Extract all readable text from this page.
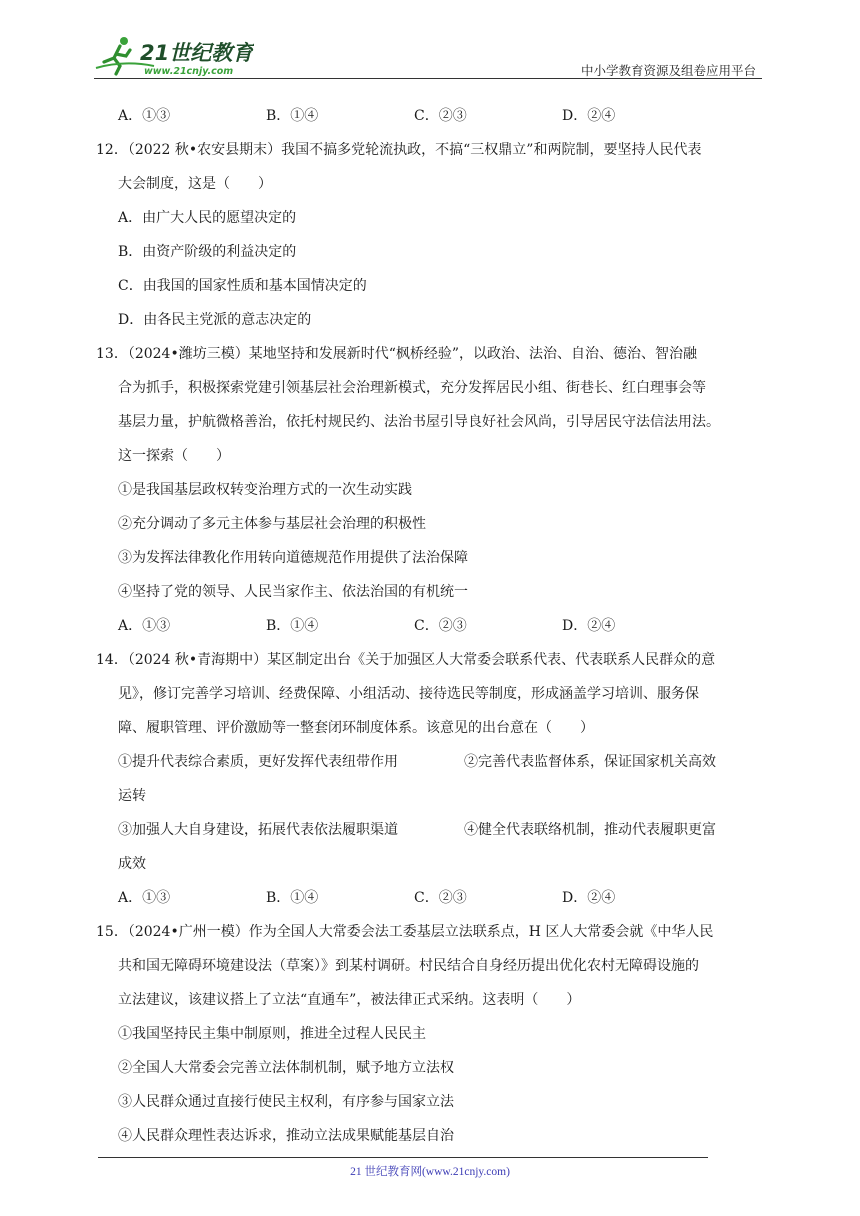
21世纪教育
www.21cnjy.com	中小学教育资源及组卷应用平台
A．①③	B．①④	C．②③	D．②④
12．（2022 秋•农安县期末）我国不搞多党轮流执政，不搞“三权鼎立”和两院制，要坚持人民代表
大会制度，这是（　　）
A．由广大人民的愿望决定的
B．由资产阶级的利益决定的
C．由我国的国家性质和基本国情决定的
D．由各民主党派的意志决定的
13．（2024•潍坊三模）某地坚持和发展新时代“枫桥经验”，以政治、法治、自治、德治、智治融
合为抓手，积极探索党建引领基层社会治理新模式，充分发挥居民小组、街巷长、红白理事会等
基层力量，护航微格善治，依托村规民约、法治书屋引导良好社会风尚，引导居民守法信法用法。
这一探索（　　）
①是我国基层政权转变治理方式的一次生动实践
②充分调动了多元主体参与基层社会治理的积极性
③为发挥法律教化作用转向道德规范作用提供了法治保障
④坚持了党的领导、人民当家作主、依法治国的有机统一
A．①③	B．①④	C．②③	D．②④
14．（2024 秋•青海期中）某区制定出台《关于加强区人大常委会联系代表、代表联系人民群众的意
见》，修订完善学习培训、经费保障、小组活动、接待选民等制度，形成涵盖学习培训、服务保
障、履职管理、评价激励等一整套闭环制度体系。该意见的出台意在（　　）
①提升代表综合素质，更好发挥代表纽带作用	②完善代表监督体系，保证国家机关高效
运转
③加强人大自身建设，拓展代表依法履职渠道	④健全代表联络机制，推动代表履职更富
成效
A．①③	B．①④	C．②③	D．②④
15．（2024•广州一模）作为全国人大常委会法工委基层立法联系点，H 区人大常委会就《中华人民
共和国无障碍环境建设法（草案）》到某村调研。村民结合自身经历提出优化农村无障碍设施的
立法建议，该建议搭上了立法“直通车”，被法律正式采纳。这表明（　　）
①我国坚持民主集中制原则，推进全过程人民民主
②全国人大常委会完善立法体制机制，赋予地方立法权
③人民群众通过直接行使民主权利，有序参与国家立法
④人民群众理性表达诉求，推动立法成果赋能基层自治
21 世纪教育网(www.21cnjy.com)
